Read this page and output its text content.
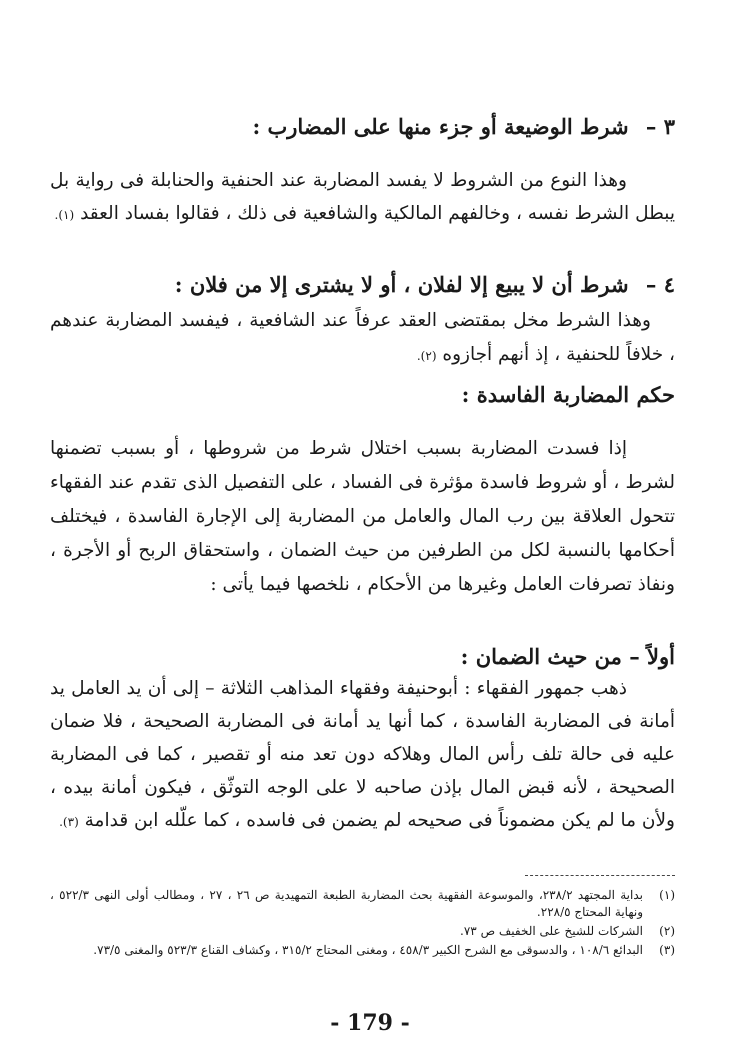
٣ – شرط الوضيعة أو جزء منها على المضارب :
وهذا النوع من الشروط لا يفسد المضاربة عند الحنفية والحنابلة فى رواية بل يبطل الشرط نفسه ، وخالفهم المالكية والشافعية فى ذلك ، فقالوا بفساد العقد (١).
٤ – شرط أن لا يبيع إلا لفلان ، أو لا يشترى إلا من فلان :
وهذا الشرط مخل بمقتضى العقد عرفاً عند الشافعية ، فيفسد المضاربة عندهم ، خلافاً للحنفية ، إذ أنهم أجازوه (٢).
حكم المضاربة الفاسدة :
إذا فسدت المضاربة بسبب اختلال شرط من شروطها ، أو بسبب تضمنها لشرط ، أو شروط فاسدة مؤثرة فى الفساد ، على التفصيل الذى تقدم عند الفقهاء تتحول العلاقة بين رب المال والعامل من المضاربة إلى الإجارة الفاسدة ، فيختلف أحكامها بالنسبة لكل من الطرفين من حيث الضمان ، واستحقاق الربح أو الأجرة ، ونفاذ تصرفات العامل وغيرها من الأحكام ، نلخصها فيما يأتى :
أولاً – من حيث الضمان :
ذهب جمهور الفقهاء : أبوحنيفة وفقهاء المذاهب الثلاثة – إلى أن يد العامل يد أمانة فى المضاربة الفاسدة ، كما أنها يد أمانة فى المضاربة الصحيحة ، فلا ضمان عليه فى حالة تلف رأس المال وهلاكه دون تعد منه أو تقصير ، كما فى المضاربة الصحيحة ، لأنه قبض المال بإذن صاحبه لا على الوجه التوثّق ، فيكون أمانة بيده ، ولأن ما لم يكن مضموناً فى صحيحه لم يضمن فى فاسده ، كما علّله ابن قدامة (٣).
(١)
بداية المجتهد ٢٣٨/٢، والموسوعة الفقهية بحث المضاربة الطبعة التمهيدية ص ٢٦ ، ٢٧ ، ومطالب أولى النهى ٥٢٢/٣ ، ونهاية المحتاج ٢٢٨/٥.
(٢)
الشركات للشيخ على الخفيف ص ٧٣.
(٣)
البدائع ١٠٨/٦ ، والدسوقى مع الشرح الكبير ٤٥٨/٣ ، ومغنى المحتاج ٣١٥/٢ ، وكشاف القناع ٥٢٣/٣ والمغنى ٧٣/٥.
- 179 -
